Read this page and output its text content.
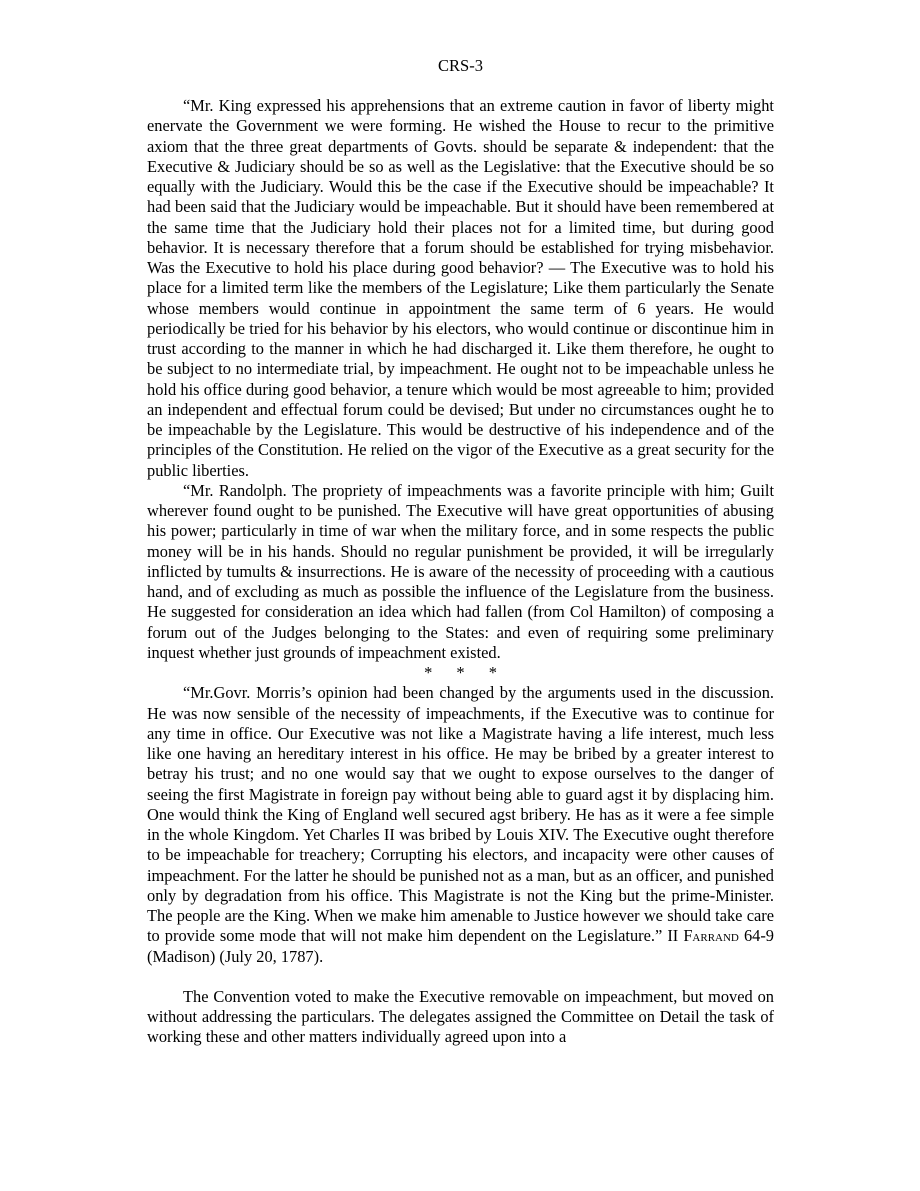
CRS-3

“Mr. King expressed his apprehensions that an extreme caution in favor of liberty might enervate the Government we were forming. He wished the House to recur to the primitive axiom that the three great departments of Govts. should be separate & independent: that the Executive & Judiciary should be so as well as the Legislative: that the Executive should be so equally with the Judiciary. Would this be the case if the Executive should be impeachable? It had been said that the Judiciary would be impeachable. But it should have been remembered at the same time that the Judiciary hold their places not for a limited time, but during good behavior. It is necessary therefore that a forum should be established for trying misbehavior. Was the Executive to hold his place during good behavior? — The Executive was to hold his place for a limited term like the members of the Legislature; Like them particularly the Senate whose members would continue in appointment the same term of 6 years. He would periodically be tried for his behavior by his electors, who would continue or discontinue him in trust according to the manner in which he had discharged it. Like them therefore, he ought to be subject to no intermediate trial, by impeachment. He ought not to be impeachable unless he hold his office during good behavior, a tenure which would be most agreeable to him; provided an independent and effectual forum could be devised; But under no circumstances ought he to be impeachable by the Legislature. This would be destructive of his independence and of the principles of the Constitution. He relied on the vigor of the Executive as a great security for the public liberties.

“Mr. Randolph. The propriety of impeachments was a favorite principle with him; Guilt wherever found ought to be punished. The Executive will have great opportunities of abusing his power; particularly in time of war when the military force, and in some respects the public money will be in his hands. Should no regular punishment be provided, it will be irregularly inflicted by tumults & insurrections. He is aware of the necessity of proceeding with a cautious hand, and of excluding as much as possible the influence of the Legislature from the business. He suggested for consideration an idea which had fallen (from Col Hamilton) of composing a forum out of the Judges belonging to the States: and even of requiring some preliminary inquest whether just grounds of impeachment existed.

* * *

“Mr.Govr. Morris’s opinion had been changed by the arguments used in the discussion. He was now sensible of the necessity of impeachments, if the Executive was to continue for any time in office. Our Executive was not like a Magistrate having a life interest, much less like one having an hereditary interest in his office. He may be bribed by a greater interest to betray his trust; and no one would say that we ought to expose ourselves to the danger of seeing the first Magistrate in foreign pay without being able to guard agst it by displacing him. One would think the King of England well secured agst bribery. He has as it were a fee simple in the whole Kingdom. Yet Charles II was bribed by Louis XIV. The Executive ought therefore to be impeachable for treachery; Corrupting his electors, and incapacity were other causes of impeachment. For the latter he should be punished not as a man, but as an officer, and punished only by degradation from his office. This Magistrate is not the King but the prime-Minister. The people are the King. When we make him amenable to Justice however we should take care to provide some mode that will not make him dependent on the Legislature.” II Farrand 64-9 (Madison) (July 20, 1787).

The Convention voted to make the Executive removable on impeachment, but moved on without addressing the particulars. The delegates assigned the Committee on Detail the task of working these and other matters individually agreed upon into a
